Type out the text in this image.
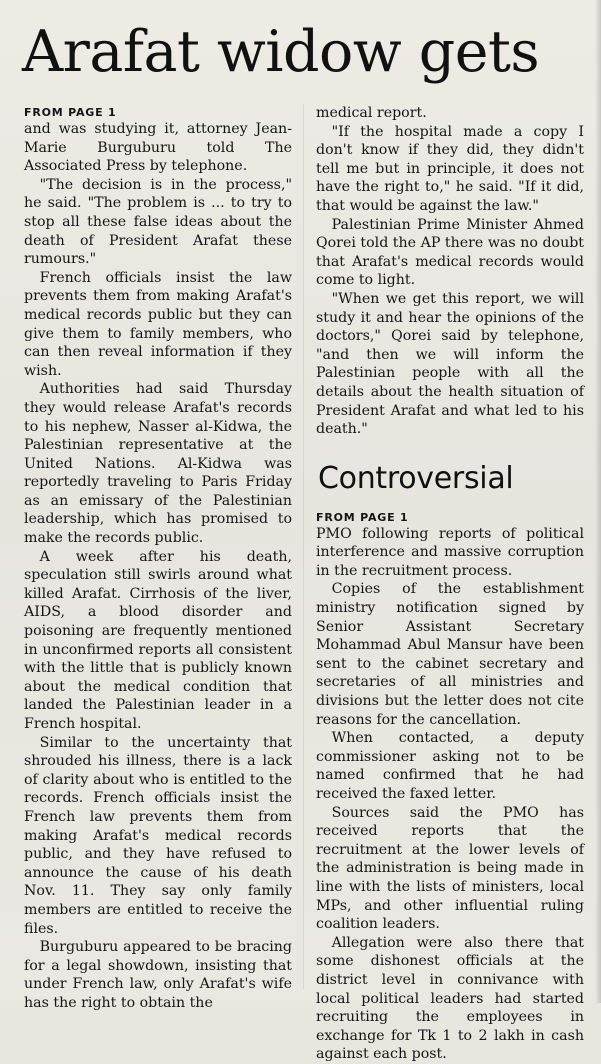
Arafat widow gets
FROM PAGE 1

and was studying it, attorney Jean-Marie Burguburu told The Associated Press by telephone.

"The decision is in the process," he said. "The problem is ... to try to stop all these false ideas about the death of President Arafat these rumours."

French officials insist the law prevents them from making Arafat's medical records public but they can give them to family members, who can then reveal information if they wish.

Authorities had said Thursday they would release Arafat's records to his nephew, Nasser al-Kidwa, the Palestinian representative at the United Nations. Al-Kidwa was reportedly traveling to Paris Friday as an emissary of the Palestinian leadership, which has promised to make the records public.

A week after his death, speculation still swirls around what killed Arafat. Cirrhosis of the liver, AIDS, a blood disorder and poisoning are frequently mentioned in unconfirmed reports all consistent with the little that is publicly known about the medical condition that landed the Palestinian leader in a French hospital.

Similar to the uncertainty that shrouded his illness, there is a lack of clarity about who is entitled to the records. French officials insist the French law prevents them from making Arafat's medical records public, and they have refused to announce the cause of his death Nov. 11. They say only family members are entitled to receive the files.

Burguburu appeared to be bracing for a legal showdown, insisting that under French law, only Arafat's wife has the right to obtain the

medical report.

"If the hospital made a copy I don't know if they did, they didn't tell me but in principle, it does not have the right to," he said. "If it did, that would be against the law."

Palestinian Prime Minister Ahmed Qorei told the AP there was no doubt that Arafat's medical records would come to light.

"When we get this report, we will study it and hear the opinions of the doctors," Qorei said by telephone, "and then we will inform the Palestinian people with all the details about the health situation of President Arafat and what led to his death."

Controversial
FROM PAGE 1

PMO following reports of political interference and massive corruption in the recruitment process.

Copies of the establishment ministry notification signed by Senior Assistant Secretary Mohammad Abul Mansur have been sent to the cabinet secretary and secretaries of all ministries and divisions but the letter does not cite reasons for the cancellation.

When contacted, a deputy commissioner asking not to be named confirmed that he had received the faxed letter.

Sources said the PMO has received reports that the recruitment at the lower levels of the administration is being made in line with the lists of ministers, local MPs, and other influential ruling coalition leaders.

Allegation were also there that some dishonest officials at the district level in connivance with local political leaders had started recruiting the employees in exchange for Tk 1 to 2 lakh in cash against each post.
